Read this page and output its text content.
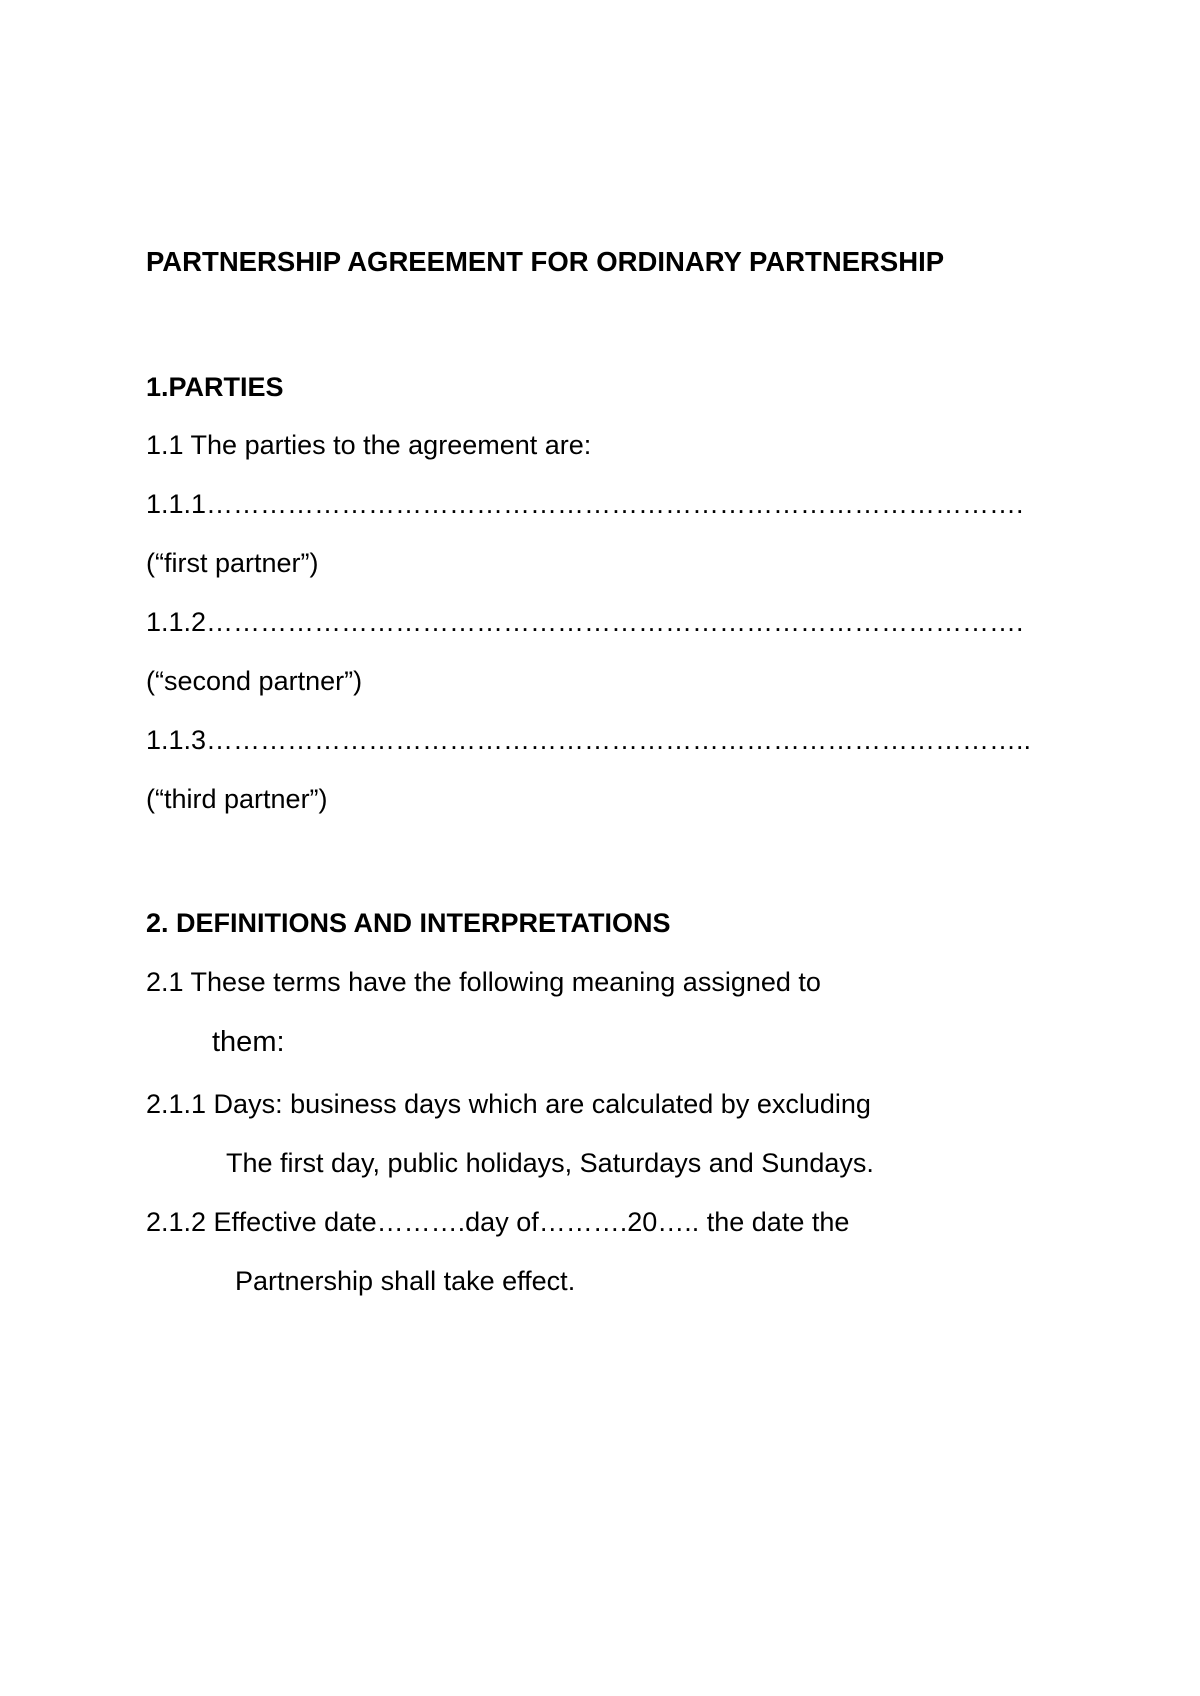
PARTNERSHIP AGREEMENT FOR ORDINARY PARTNERSHIP
1.PARTIES
1.1 The parties to the agreement are:
1.1.1……………………………………………………………………………….
(“first partner”)
1.1.2……………………………………………………………………………….
(“second partner”)
1.1.3………………………………………………………………………………..
(“third partner”)
2. DEFINITIONS AND INTERPRETATIONS
2.1 These terms have the following meaning assigned to
them:
2.1.1 Days: business days which are calculated by excluding
The first day, public holidays, Saturdays and Sundays.
2.1.2 Effective date……….day of……….20….. the date the
Partnership shall take effect.
